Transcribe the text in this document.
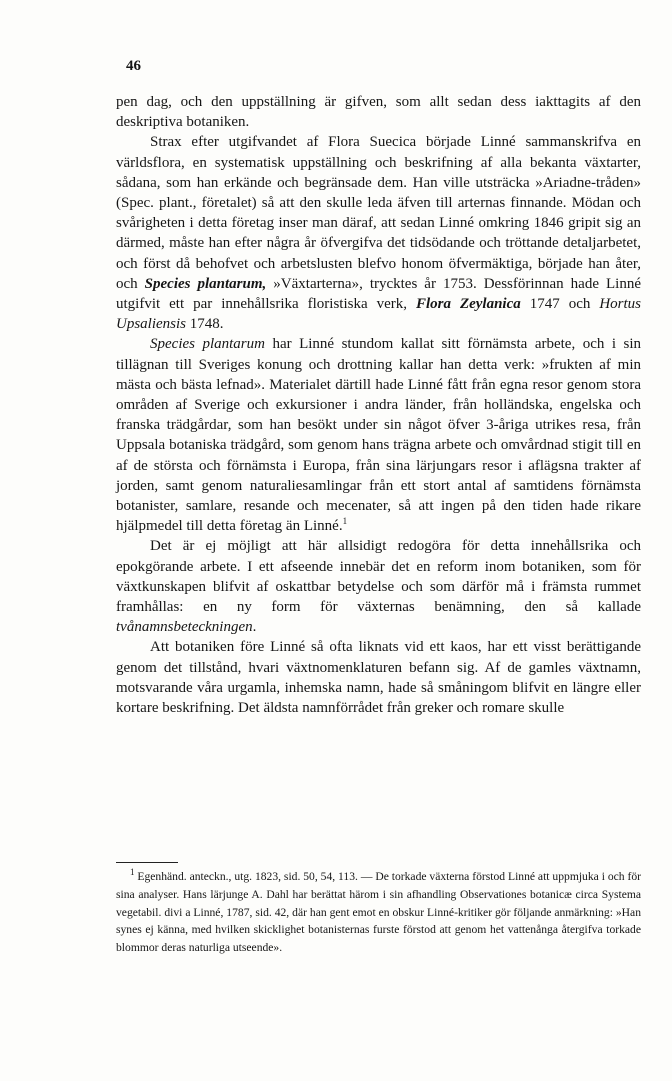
46

pen dag, och den uppställning är gifven, som allt sedan dess iakttagits af den deskriptiva botaniken.

Strax efter utgifvandet af Flora Suecica började Linné sammanskrifva en världsflora, en systematisk uppställning och beskrifning af alla bekanta växtarter, sådana, som han erkände och begränsade dem. Han ville utsträcka »Ariadne-tråden» (Spec. plant., företalet) så att den skulle leda äfven till arternas finnande. Mödan och svårigheten i detta företag inser man däraf, att sedan Linné omkring 1846 gripit sig an därmed, måste han efter några år öfvergifva det tidsödande och tröttande detaljarbetet, och först då behofvet och arbetslusten blefvo honom öfvermäktiga, började han åter, och Species plantarum, »Växtarterna», trycktes år 1753. Dessförinnan hade Linné utgifvit ett par innehållsrika floristiska verk, Flora Zeylanica 1747 och Hortus Upsaliensis 1748.

Species plantarum har Linné stundom kallat sitt förnämsta arbete, och i sin tillägnan till Sveriges konung och drottning kallar han detta verk: »frukten af min mästa och bästa lefnad». Materialet därtill hade Linné fått från egna resor genom stora områden af Sverige och exkursioner i andra länder, från holländska, engelska och franska trädgårdar, som han besökt under sin något öfver 3-åriga utrikes resa, från Uppsala botaniska trädgård, som genom hans trägna arbete och omvårdnad stigit till en af de största och förnämsta i Europa, från sina lärjungars resor i aflägsna trakter af jorden, samt genom naturaliesamlingar från ett stort antal af samtidens förnämsta botanister, samlare, resande och mecenater, så att ingen på den tiden hade rikare hjälpmedel till detta företag än Linné.$^1$

Det är ej möjligt att här allsidigt redogöra för detta innehållsrika och epokgörande arbete. I ett afseende innebär det en reform inom botaniken, som för växtkunskapen blifvit af oskattbar betydelse och som därför må i främsta rummet framhållas: en ny form för växternas benämning, den så kallade tvånamnsbeteckningen.

Att botaniken före Linné så ofta liknats vid ett kaos, har ett visst berättigande genom det tillstånd, hvari växtnomenklaturen befann sig. Af de gamles växtnamn, motsvarande våra urgamla, inhemska namn, hade så småningom blifvit en längre eller kortare beskrifning. Det äldsta namnförrådet från greker och romare skulle

$^1$ Egenhänd. anteckn., utg. 1823, sid. 50, 54, 113. — De torkade växterna förstod Linné att uppmjuka i och för sina analyser. Hans lärjunge A. Dahl har berättat härom i sin afhandling Observationes botanicæ circa Systema vegetabil. divi a Linné, 1787, sid. 42, där han gent emot en obskur Linné-kritiker gör följande anmärkning: »Han synes ej känna, med hvilken skicklighet botanisternas furste förstod att genom het vattenånga återgifva torkade blommor deras naturliga utseende».
